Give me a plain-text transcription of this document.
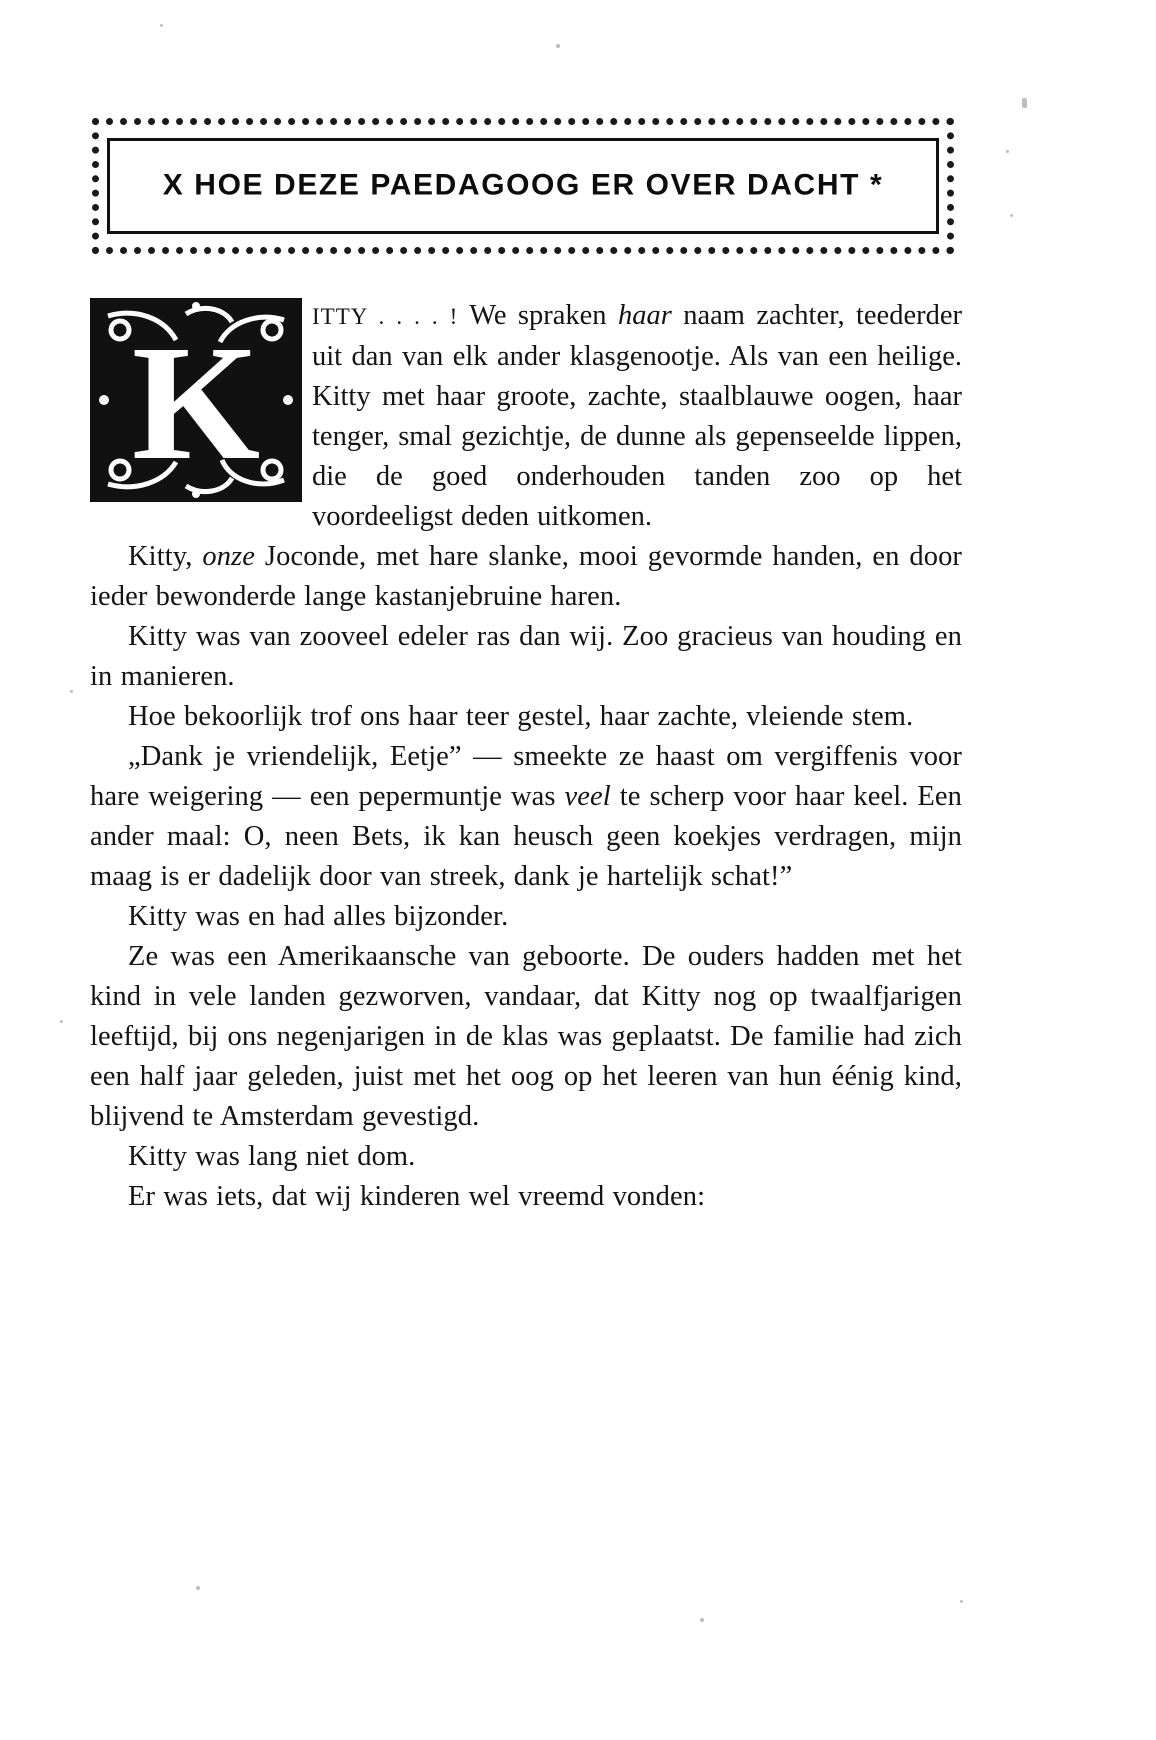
X HOE DEZE PAEDAGOOG ER OVER DACHT *
K	ITTY . . . . ! We spraken haar naam zachter, teederder uit dan van elk ander klasgenootje. Als van een heilige. Kitty met haar groote, zachte, staalblauwe oogen, haar tenger, smal gezichtje, de dunne als gepenseelde lippen, die de goed onderhouden tanden zoo op het voordeeligst deden uitkomen.

Kitty, onze Joconde, met hare slanke, mooi gevormde handen, en door ieder bewonderde lange kastanjebruine haren.

Kitty was van zooveel edeler ras dan wij. Zoo gracieus van houding en in manieren.

Hoe bekoorlijk trof ons haar teer gestel, haar zachte, vleiende stem.

„Dank je vriendelijk, Eetje” — smeekte ze haast om vergiffenis voor hare weigering — een pepermuntje was veel te scherp voor haar keel. Een ander maal: O, neen Bets, ik kan heusch geen koekjes verdragen, mijn maag is er dadelijk door van streek, dank je hartelijk schat!”

Kitty was en had alles bijzonder.

Ze was een Amerikaansche van geboorte. De ouders hadden met het kind in vele landen gezworven, vandaar, dat Kitty nog op twaalfjarigen leeftijd, bij ons negenjarigen in de klas was geplaatst. De familie had zich een half jaar geleden, juist met het oog op het leeren van hun éénig kind, blijvend te Amsterdam gevestigd.

Kitty was lang niet dom.

Er was iets, dat wij kinderen wel vreemd vonden:
